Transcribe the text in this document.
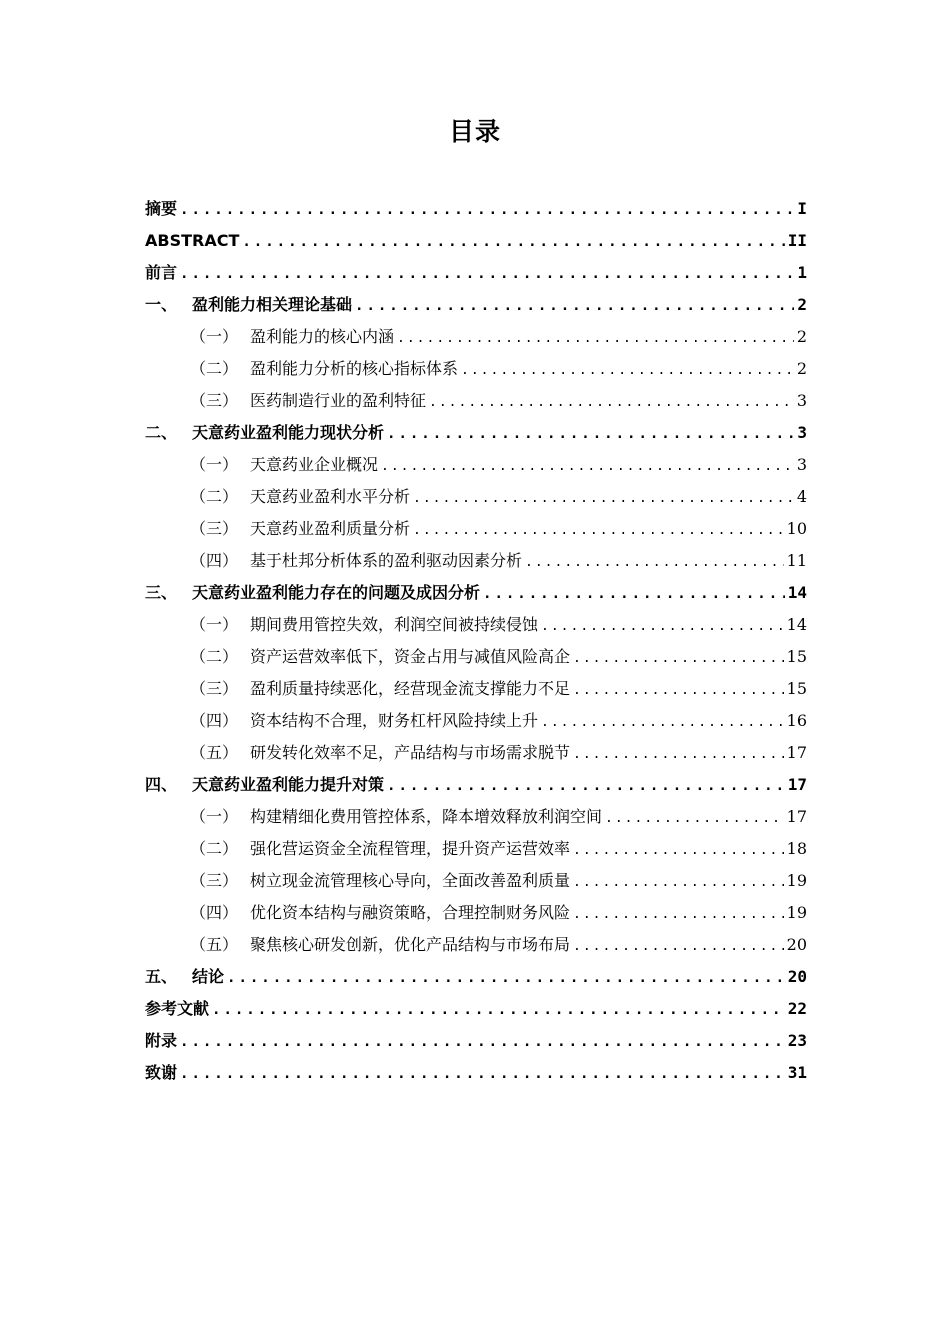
目录
摘要 .....	I
ABSTRACT .....	II
前言 .....	1
一、 盈利能力相关理论基础 .....	2
（一） 盈利能力的核心内涵 .....	2
（二） 盈利能力分析的核心指标体系 .....	2
（三） 医药制造行业的盈利特征 .....	3
二、 天意药业盈利能力现状分析 .....	3
（一） 天意药业企业概况 .....	3
（二） 天意药业盈利水平分析 .....	4
（三） 天意药业盈利质量分析 .....	10
（四） 基于杜邦分析体系的盈利驱动因素分析 .....	11
三、 天意药业盈利能力存在的问题及成因分析 .....	14
（一） 期间费用管控失效，利润空间被持续侵蚀 .....	14
（二） 资产运营效率低下，资金占用与减值风险高企 .....	15
（三） 盈利质量持续恶化，经营现金流支撑能力不足 .....	15
（四） 资本结构不合理，财务杠杆风险持续上升 .....	16
（五） 研发转化效率不足，产品结构与市场需求脱节 .....	17
四、 天意药业盈利能力提升对策 .....	17
（一） 构建精细化费用管控体系，降本增效释放利润空间 .....	17
（二） 强化营运资金全流程管理，提升资产运营效率 .....	18
（三） 树立现金流管理核心导向，全面改善盈利质量 .....	19
（四） 优化资本结构与融资策略，合理控制财务风险 .....	19
（五） 聚焦核心研发创新，优化产品结构与市场布局 .....	20
五、 结论 .....	20
参考文献 .....	22
附录 .....	23
致谢 .....	31
